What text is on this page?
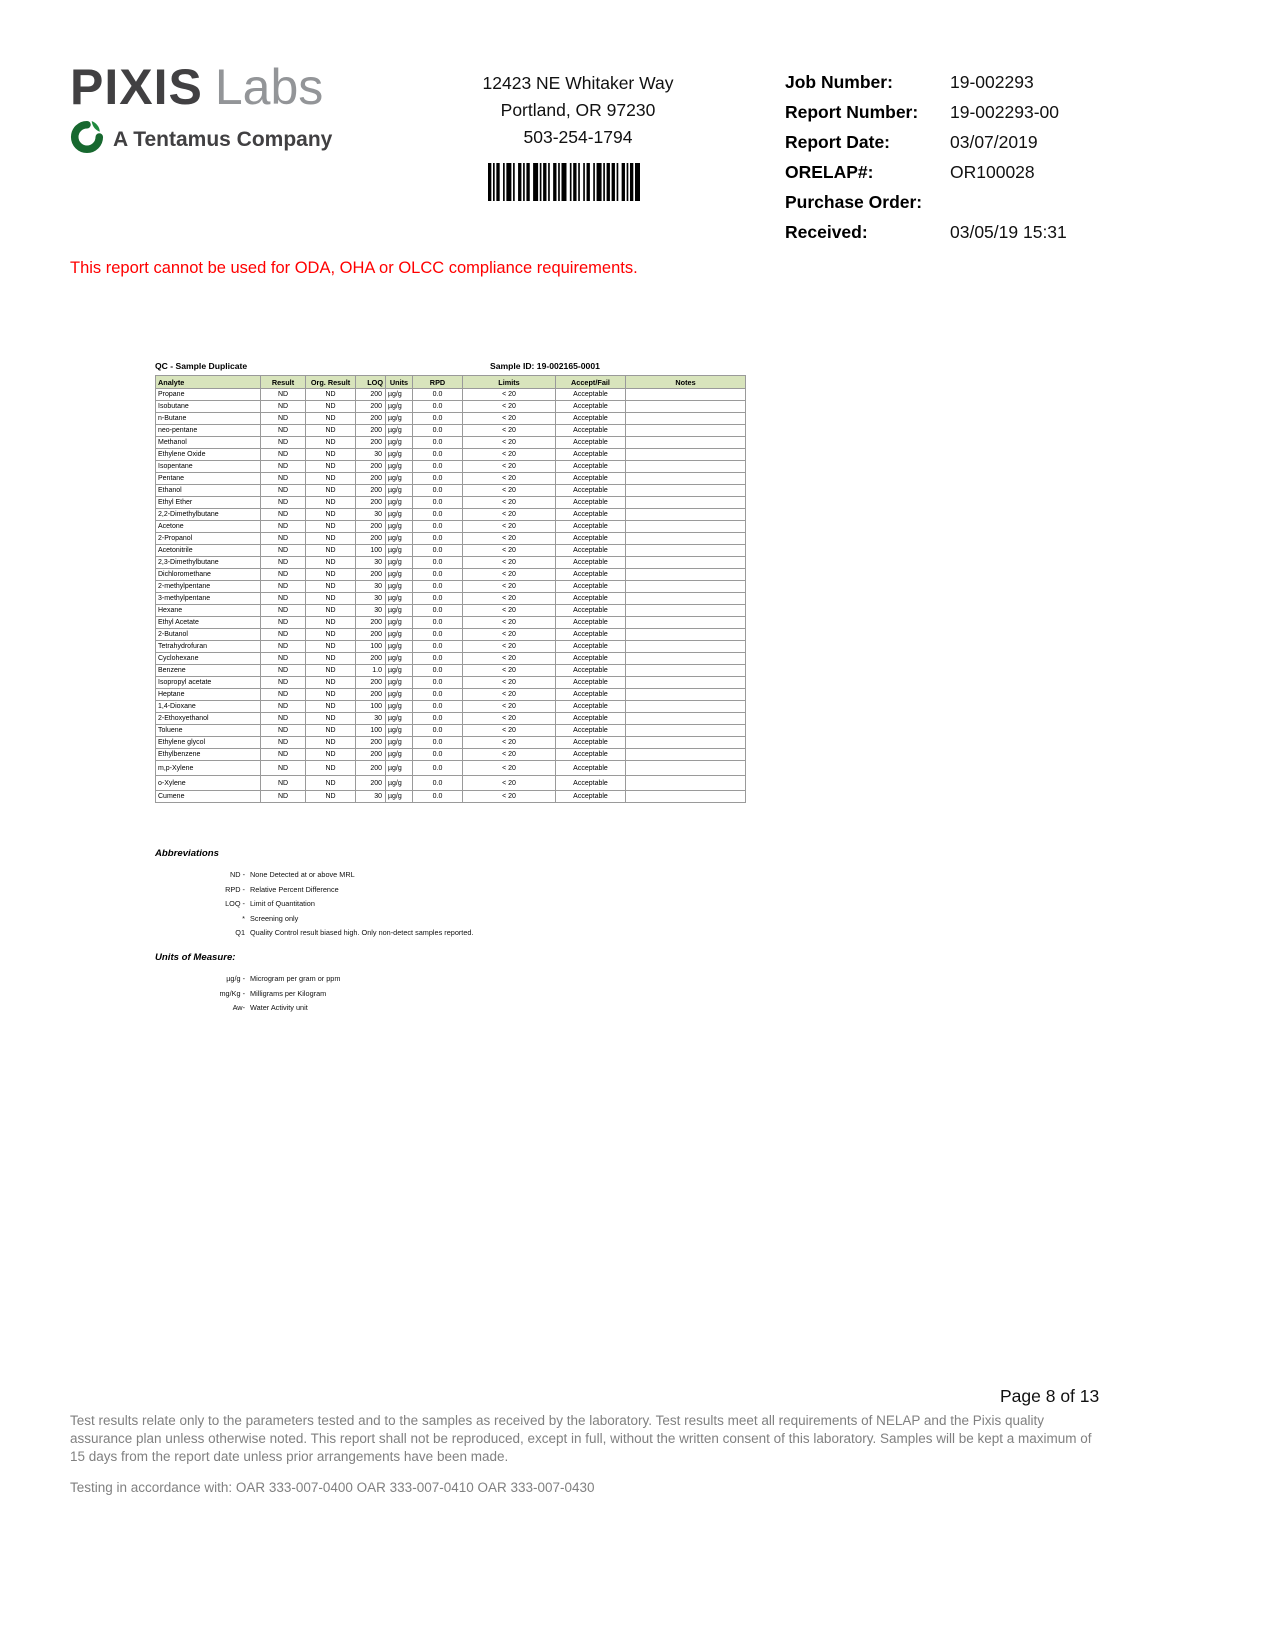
PIXIS Labs
A Tentamus Company
12423 NE Whitaker Way
Portland, OR 97230
503-254-1794
Job Number:	19-002293
Report Number:	19-002293-00
Report Date:	03/07/2019
ORELAP#:	OR100028
Purchase Order:
Received:	03/05/19 15:31
This report cannot be used for ODA, OHA or OLCC compliance requirements.
QC - Sample Duplicate	Sample ID: 19-002165-0001
Analyte	Result	Org. Result	LOQ	Units	RPD	Limits	Accept/Fail	Notes
Propane	ND	ND	200	µg/g	0.0	< 20	Acceptable	
Isobutane	ND	ND	200	µg/g	0.0	< 20	Acceptable	
n-Butane	ND	ND	200	µg/g	0.0	< 20	Acceptable	
neo-pentane	ND	ND	200	µg/g	0.0	< 20	Acceptable	
Methanol	ND	ND	200	µg/g	0.0	< 20	Acceptable	
Ethylene Oxide	ND	ND	30	µg/g	0.0	< 20	Acceptable	
Isopentane	ND	ND	200	µg/g	0.0	< 20	Acceptable	
Pentane	ND	ND	200	µg/g	0.0	< 20	Acceptable	
Ethanol	ND	ND	200	µg/g	0.0	< 20	Acceptable	
Ethyl Ether	ND	ND	200	µg/g	0.0	< 20	Acceptable	
2,2-Dimethylbutane	ND	ND	30	µg/g	0.0	< 20	Acceptable	
Acetone	ND	ND	200	µg/g	0.0	< 20	Acceptable	
2-Propanol	ND	ND	200	µg/g	0.0	< 20	Acceptable	
Acetonitrile	ND	ND	100	µg/g	0.0	< 20	Acceptable	
2,3-Dimethylbutane	ND	ND	30	µg/g	0.0	< 20	Acceptable	
Dichloromethane	ND	ND	200	µg/g	0.0	< 20	Acceptable	
2-methylpentane	ND	ND	30	µg/g	0.0	< 20	Acceptable	
3-methylpentane	ND	ND	30	µg/g	0.0	< 20	Acceptable	
Hexane	ND	ND	30	µg/g	0.0	< 20	Acceptable	
Ethyl Acetate	ND	ND	200	µg/g	0.0	< 20	Acceptable	
2-Butanol	ND	ND	200	µg/g	0.0	< 20	Acceptable	
Tetrahydrofuran	ND	ND	100	µg/g	0.0	< 20	Acceptable	
Cyclohexane	ND	ND	200	µg/g	0.0	< 20	Acceptable	
Benzene	ND	ND	1.0	µg/g	0.0	< 20	Acceptable	
Isopropyl acetate	ND	ND	200	µg/g	0.0	< 20	Acceptable	
Heptane	ND	ND	200	µg/g	0.0	< 20	Acceptable	
1,4-Dioxane	ND	ND	100	µg/g	0.0	< 20	Acceptable	
2-Ethoxyethanol	ND	ND	30	µg/g	0.0	< 20	Acceptable	
Toluene	ND	ND	100	µg/g	0.0	< 20	Acceptable	
Ethylene glycol	ND	ND	200	µg/g	0.0	< 20	Acceptable	
Ethylbenzene	ND	ND	200	µg/g	0.0	< 20	Acceptable	
m,p-Xylene	ND	ND	200	µg/g	0.0	< 20	Acceptable	
o-Xylene	ND	ND	200	µg/g	0.0	< 20	Acceptable	
Cumene	ND	ND	30	µg/g	0.0	< 20	Acceptable	
Abbreviations
ND - None Detected at or above MRL
RPD - Relative Percent Difference
LOQ - Limit of Quantitation
* Screening only
Q1 Quality Control result biased high. Only non-detect samples reported.
Units of Measure:
µg/g - Microgram per gram or ppm
mg/Kg - Milligrams per Kilogram
Aw- Water Activity unit
Page 8 of 13
Test results relate only to the parameters tested and to the samples as received by the laboratory. Test results meet all requirements of NELAP and the Pixis quality assurance plan unless otherwise noted. This report shall not be reproduced, except in full, without the written consent of this laboratory. Samples will be kept a maximum of 15 days from the report date unless prior arrangements have been made.
Testing in accordance with: OAR 333-007-0400 OAR 333-007-0410 OAR 333-007-0430
